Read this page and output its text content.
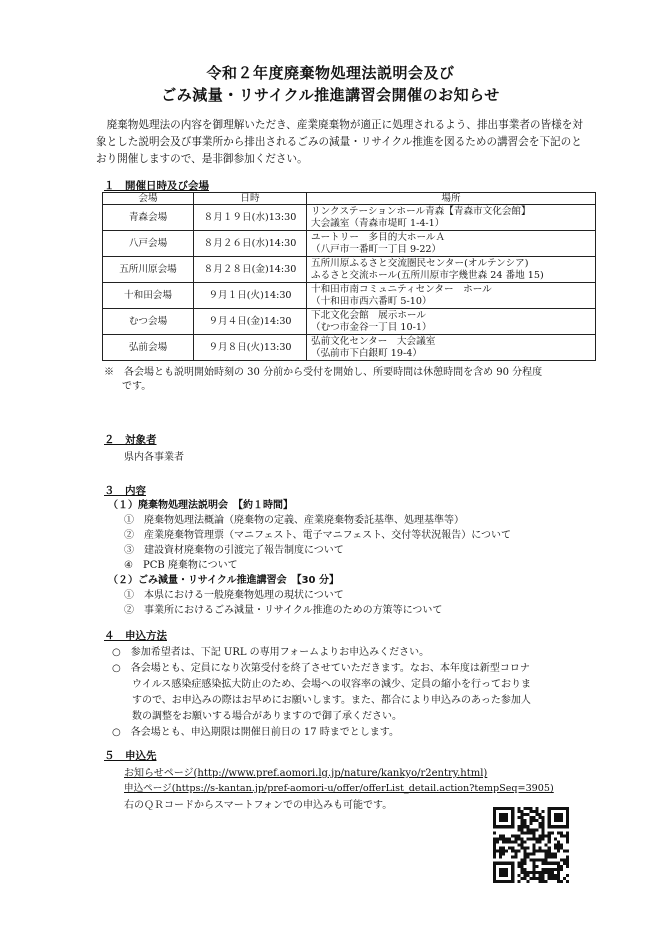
令和２年度廃棄物処理法説明会及び
ごみ減量・リサイクル推進講習会開催のお知らせ
廃棄物処理法の内容を御理解いただき、産業廃棄物が適正に処理されるよう、排出事業者の皆様を対象とした説明会及び事業所から排出されるごみの減量・リサイクル推進を図るための講習会を下記のとおり開催しますので、是非御参加ください。
１　開催日時及び会場
会場	日時	場所
青森会場	８月１９日(水)13:30	リンクステーションホール青森【青森市文化会館】
大会議室（青森市堤町 1-4-1）

八戸会場	８月２６日(水)14:30	ユートリー　多目的大ホールＡ
（八戸市一番町一丁目 9-22）

五所川原会場	８月２８日(金)14:30	五所川原ふるさと交流圏民センター(オルテンシア)
ふるさと交流ホール(五所川原市字幾世森 24 番地 15)

十和田会場	９月１日(火)14:30	十和田市南コミュニティセンター　ホール
（十和田市西六番町 5-10）

むつ会場	９月４日(金)14:30	下北文化会館　展示ホール
（むつ市金谷一丁目 10-1）

弘前会場	９月８日(火)13:30	弘前文化センター　大会議室
（弘前市下白銀町 19-4）
※　各会場とも説明開始時刻の 30 分前から受付を開始し、所要時間は休憩時間を含め 90 分程度
です。
２　対象者
県内各事業者
３　内容
（１）廃棄物処理法説明会　【約１時間】
①　廃棄物処理法概論（廃棄物の定義、産業廃棄物委託基準、処理基準等）
②　産業廃棄物管理票（マニフェスト、電子マニフェスト、交付等状況報告）について
③　建設資材廃棄物の引渡完了報告制度について
④　PCB 廃棄物について
（２）ごみ減量・リサイクル推進講習会　【30 分】
①　本県における一般廃棄物処理の現状について
②　事業所におけるごみ減量・リサイクル推進のための方策等について
４　申込方法
○　参加希望者は、下記 URL の専用フォームよりお申込みください。
○　各会場とも、定員になり次第受付を終了させていただきます。なお、本年度は新型コロナ
　　ウイルス感染症感染拡大防止のため、会場への収容率の減少、定員の縮小を行っておりま
　　すので、お申込みの際はお早めにお願いします。また、都合により申込みのあった参加人
　　数の調整をお願いする場合がありますので御了承ください。
○　各会場とも、申込期限は開催日前日の 17 時までとします。
５　申込先
お知らせページ(http://www.pref.aomori.lg.jp/nature/kankyo/r2entry.html)
申込ページ(https://s-kantan.jp/pref-aomori-u/offer/offerList_detail.action?tempSeq=3905)
右のＱＲコードからスマートフォンでの申込みも可能です。
